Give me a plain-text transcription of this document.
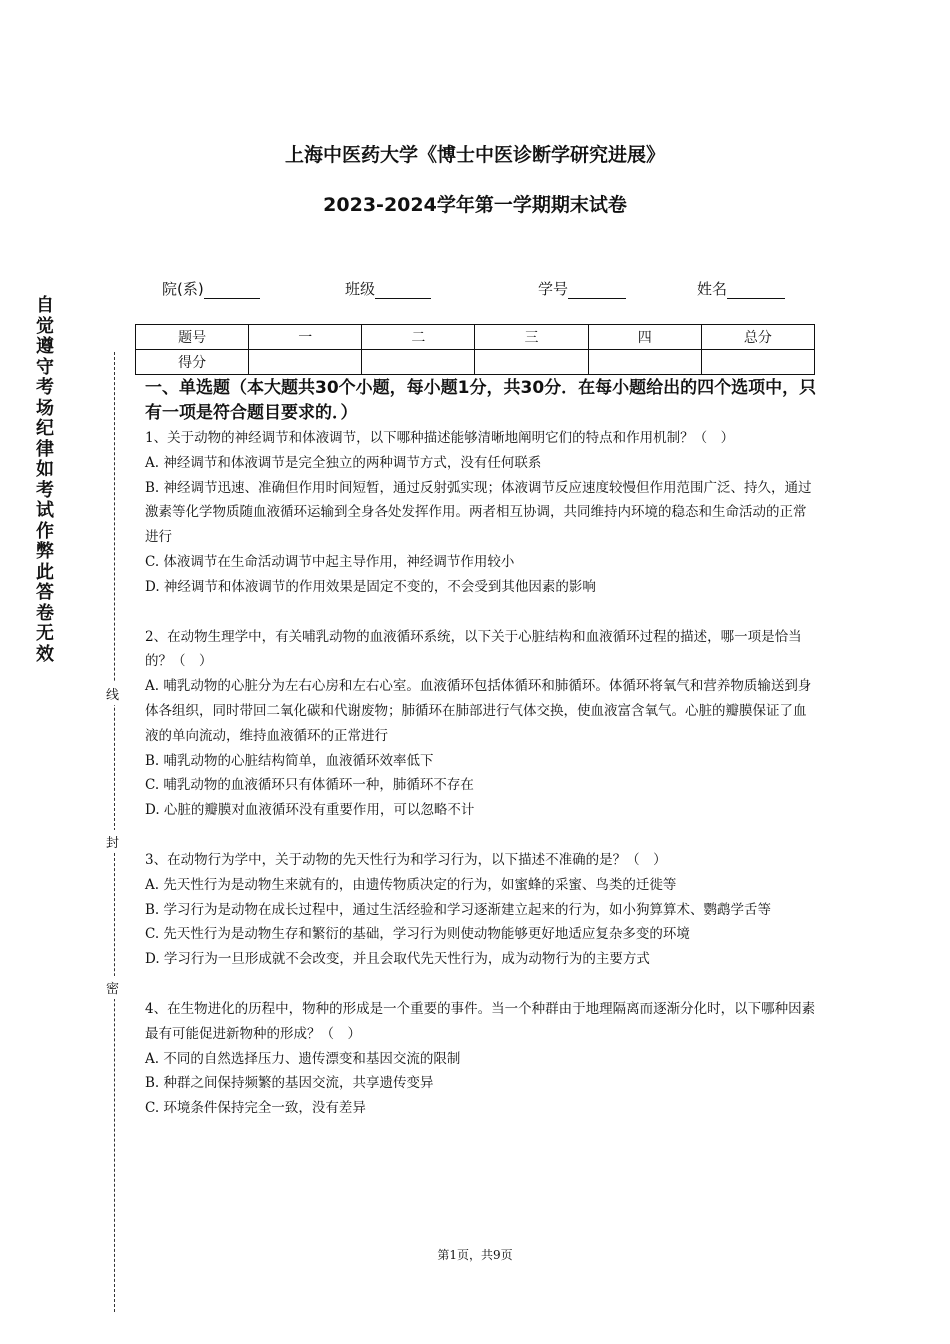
上海中医药大学《博士中医诊断学研究进展》
2023-2024学年第一学期期末试卷
院(系)	班级	学号	姓名
题号	一	二	三	四	总分
得分					
自觉遵守考场纪律如考试作弊此答卷无效
线
封
密

一、单选题（本大题共30个小题，每小题1分，共30分．在每小题给出的四个选项中，只有一项是符合题目要求的．）

1、关于动物的神经调节和体液调节，以下哪种描述能够清晰地阐明它们的特点和作用机制？（　）

A. 神经调节和体液调节是完全独立的两种调节方式，没有任何联系

B. 神经调节迅速、准确但作用时间短暂，通过反射弧实现；体液调节反应速度较慢但作用范围广泛、持久，通过激素等化学物质随血液循环运输到全身各处发挥作用。两者相互协调，共同维持内环境的稳态和生命活动的正常进行

C. 体液调节在生命活动调节中起主导作用，神经调节作用较小

D. 神经调节和体液调节的作用效果是固定不变的，不会受到其他因素的影响

2、在动物生理学中，有关哺乳动物的血液循环系统，以下关于心脏结构和血液循环过程的描述，哪一项是恰当的？（　）

A. 哺乳动物的心脏分为左右心房和左右心室。血液循环包括体循环和肺循环。体循环将氧气和营养物质输送到身体各组织，同时带回二氧化碳和代谢废物；肺循环在肺部进行气体交换，使血液富含氧气。心脏的瓣膜保证了血液的单向流动，维持血液循环的正常进行

B. 哺乳动物的心脏结构简单，血液循环效率低下

C. 哺乳动物的血液循环只有体循环一种，肺循环不存在

D. 心脏的瓣膜对血液循环没有重要作用，可以忽略不计

3、在动物行为学中，关于动物的先天性行为和学习行为，以下描述不准确的是？（　）

A. 先天性行为是动物生来就有的，由遗传物质决定的行为，如蜜蜂的采蜜、鸟类的迁徙等

B. 学习行为是动物在成长过程中，通过生活经验和学习逐渐建立起来的行为，如小狗算算术、鹦鹉学舌等

C. 先天性行为是动物生存和繁衍的基础，学习行为则使动物能够更好地适应复杂多变的环境

D. 学习行为一旦形成就不会改变，并且会取代先天性行为，成为动物行为的主要方式

4、在生物进化的历程中，物种的形成是一个重要的事件。当一个种群由于地理隔离而逐渐分化时，以下哪种因素最有可能促进新物种的形成？（　）

A. 不同的自然选择压力、遗传漂变和基因交流的限制

B. 种群之间保持频繁的基因交流，共享遗传变异

C. 环境条件保持完全一致，没有差异

第1页，共9页
